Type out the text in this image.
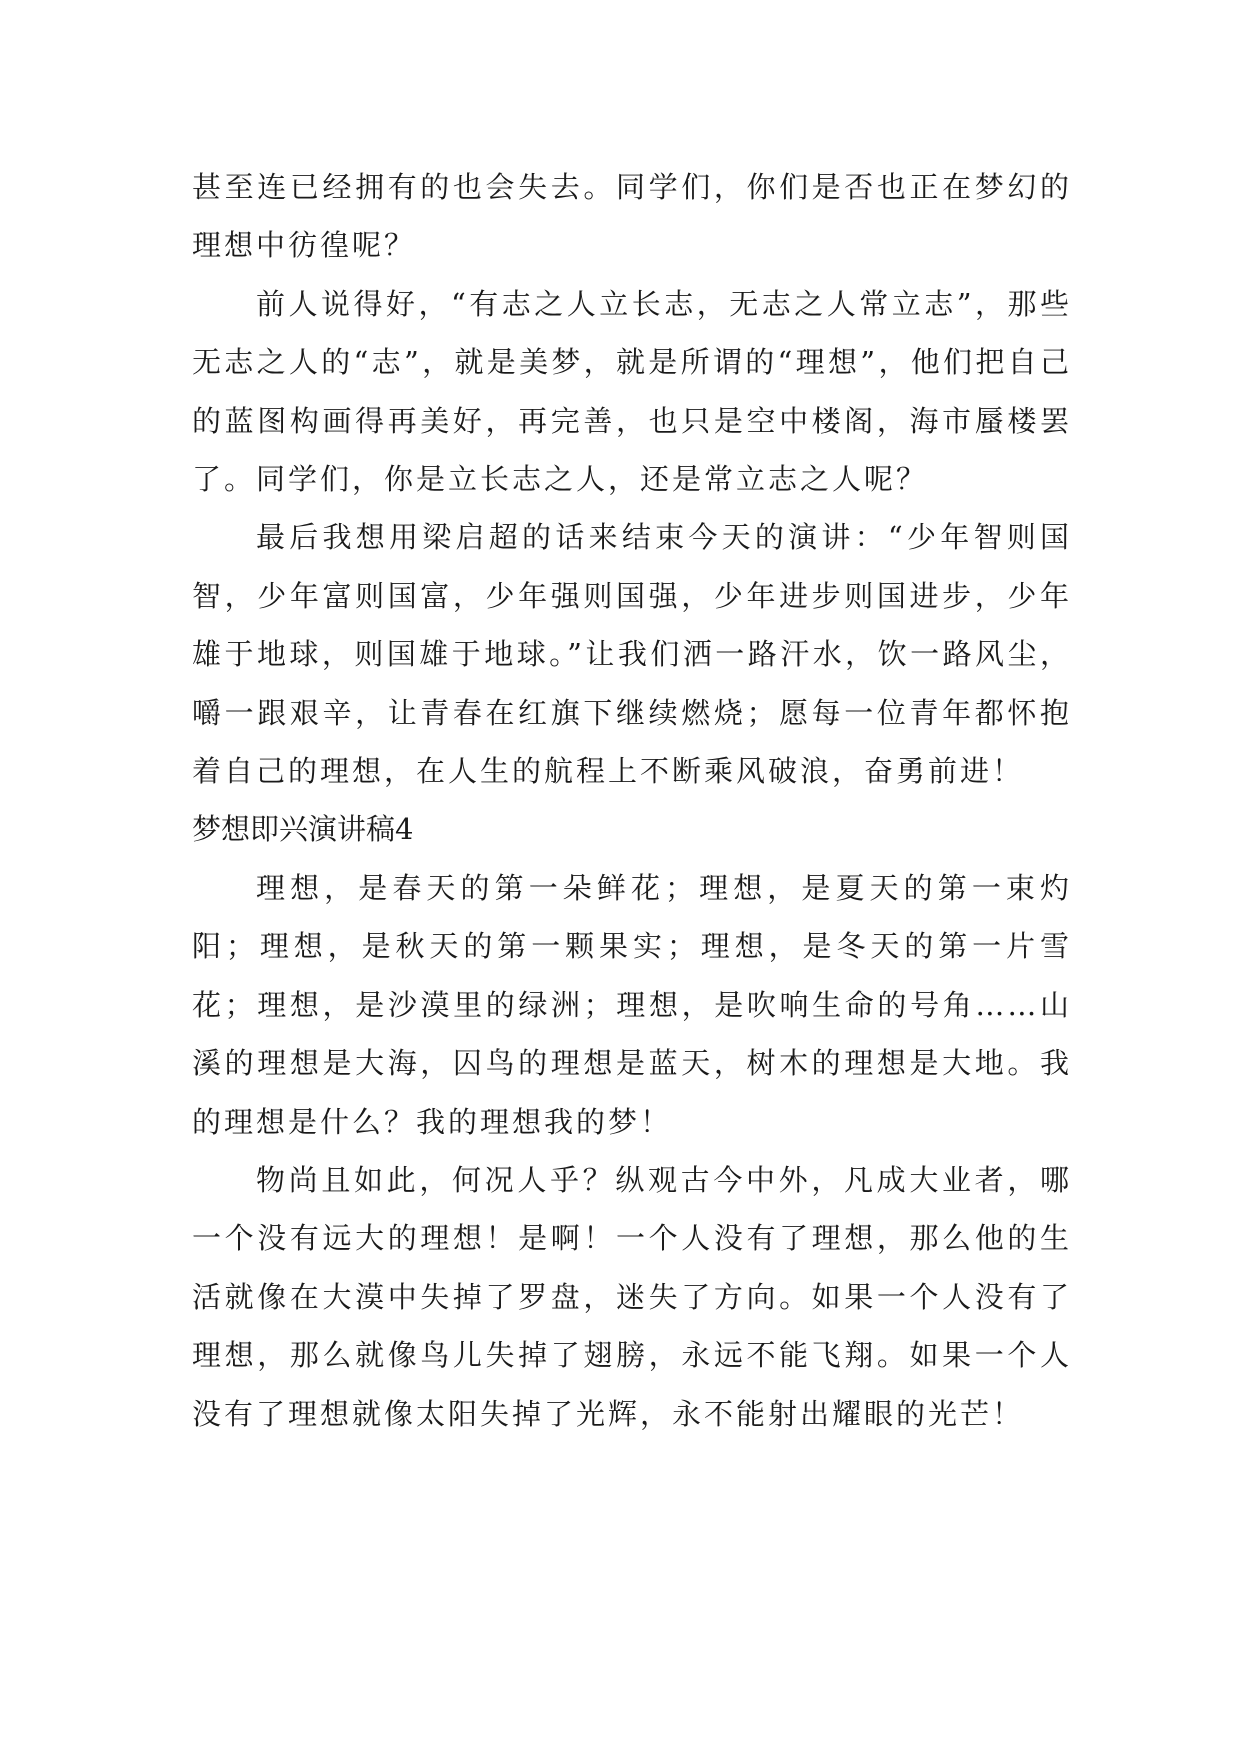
甚至连已经拥有的也会失去。同学们，你们是否也正在梦幻的理想中彷徨呢？

前人说得好，“有志之人立长志，无志之人常立志”，那些无志之人的“志”，就是美梦，就是所谓的“理想”，他们把自己的蓝图构画得再美好，再完善，也只是空中楼阁，海市蜃楼罢了。同学们，你是立长志之人，还是常立志之人呢？

最后我想用梁启超的话来结束今天的演讲：“少年智则国智，少年富则国富，少年强则国强，少年进步则国进步，少年雄于地球，则国雄于地球。”让我们洒一路汗水，饮一路风尘，嚼一跟艰辛，让青春在红旗下继续燃烧；愿每一位青年都怀抱着自己的理想，在人生的航程上不断乘风破浪，奋勇前进！

梦想即兴演讲稿4

理想，是春天的第一朵鲜花；理想，是夏天的第一束灼阳；理想，是秋天的第一颗果实；理想，是冬天的第一片雪花；理想，是沙漠里的绿洲；理想，是吹响生命的号角……山溪的理想是大海，囚鸟的理想是蓝天，树木的理想是大地。我的理想是什么？我的理想我的梦！

物尚且如此，何况人乎？纵观古今中外，凡成大业者，哪一个没有远大的理想！是啊！一个人没有了理想，那么他的生活就像在大漠中失掉了罗盘，迷失了方向。如果一个人没有了理想，那么就像鸟儿失掉了翅膀，永远不能飞翔。如果一个人没有了理想就像太阳失掉了光辉，永不能射出耀眼的光芒！
